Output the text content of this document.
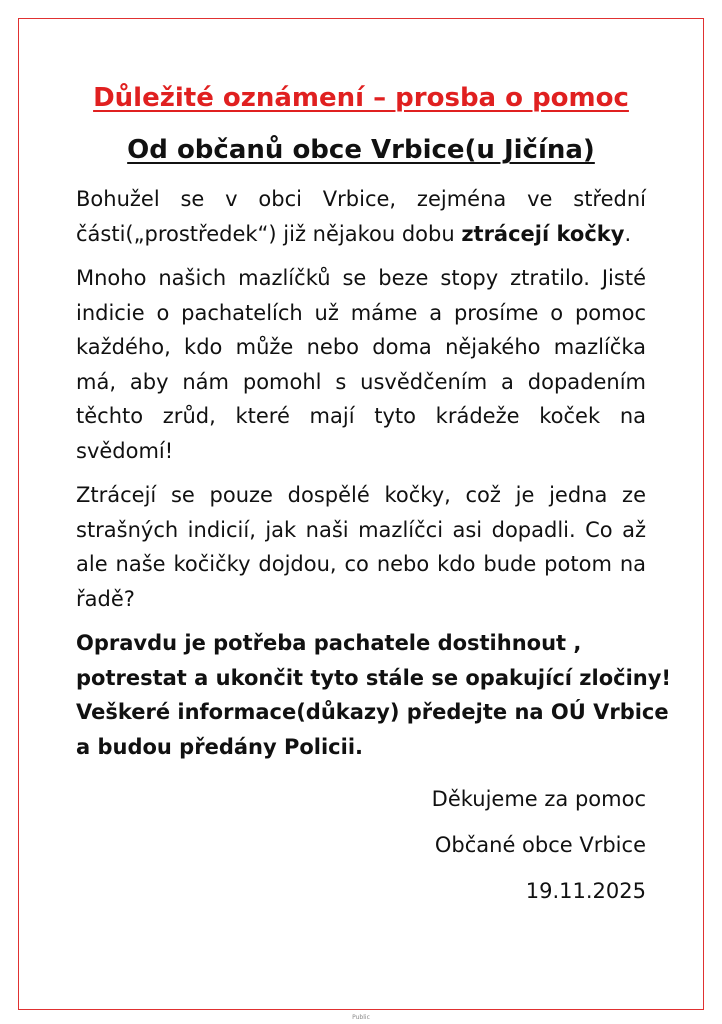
Důležité oznámení – prosba o pomoc
Od občanů obce Vrbice(u Jičína)

Bohužel se v obci Vrbice, zejména ve střední části(„prostředek“) již nějakou dobu ztrácejí kočky.

Mnoho našich mazlíčků se beze stopy ztratilo. Jisté indicie o pachatelích už máme a prosíme o pomoc každého, kdo může nebo doma nějakého mazlíčka má, aby nám pomohl s usvědčením a dopadením těchto zrůd, které mají tyto krádeže koček na svědomí!

Ztrácejí se pouze dospělé kočky, což je jedna ze strašných indicií, jak naši mazlíčci asi dopadli. Co až ale naše kočičky dojdou, co nebo kdo bude potom na řadě?

Opravdu je potřeba pachatele dostihnout ,
potrestat a ukončit tyto stále se opakující zločiny!
Veškeré informace(důkazy) předejte na OÚ Vrbice
a budou předány Policii.

Děkujeme za pomoc

Občané obce Vrbice

19.11.2025

Public
